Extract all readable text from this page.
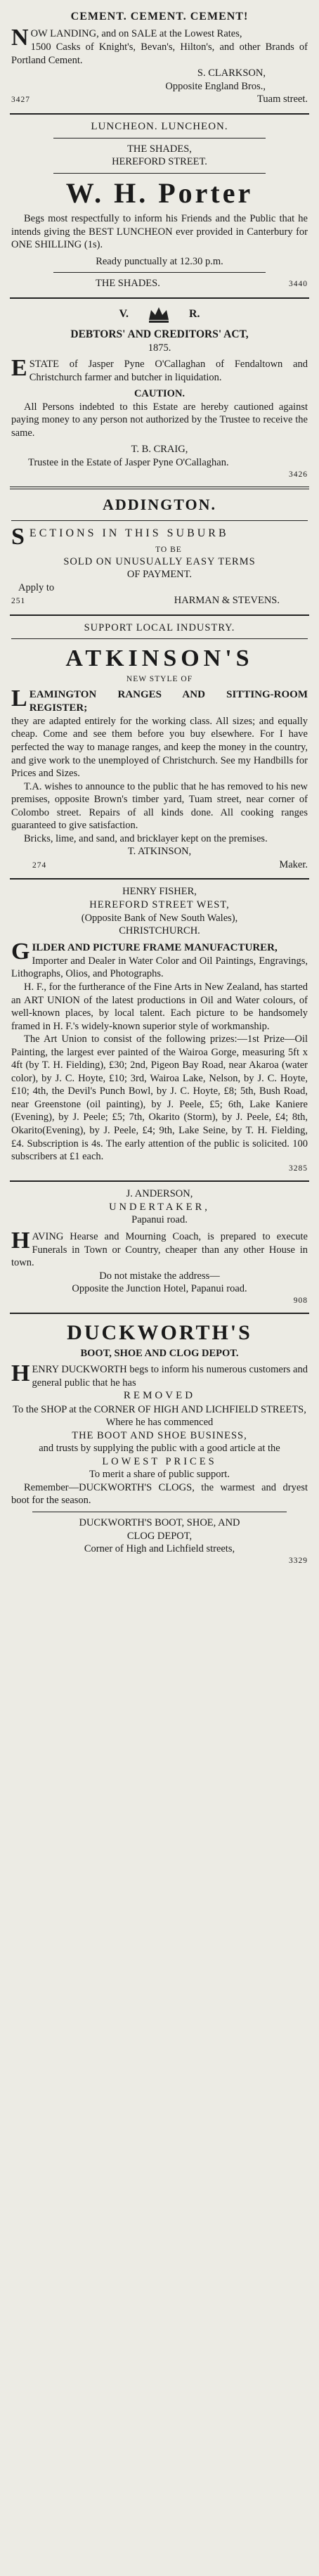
CEMENT. CEMENT. CEMENT!

NOW LANDING, and on SALE at the Lowest Rates,

1500 Casks of Knight's, Bevan's, Hilton's, and other Brands of Portland Cement.

S. CLARKSON,
Opposite England Bros.,
3427	Tuam street.
LUNCHEON. LUNCHEON.
THE SHADES,
HEREFORD STREET.
W. H. Porter

Begs most respectfully to inform his Friends and the Public that he intends giving the BEST LUNCHEON ever provided in Canterbury for ONE SHILLING (1s).

Ready punctually at 12.30 p.m.
THE SHADES.	3440
V.	R.
DEBTORS' AND CREDITORS' ACT,
1875.

ESTATE of Jasper Pyne O'Callaghan of Fendaltown and Christchurch farmer and butcher in liquidation.

CAUTION.

All Persons indebted to this Estate are hereby cautioned against paying money to any person not authorized by the Trustee to receive the same.

T. B. CRAIG,
Trustee in the Estate of Jasper Pyne O'Callaghan.
3426
ADDINGTON.
SECTIONS IN THIS SUBURB
TO BE
SOLD ON UNUSUALLY EASY TERMS
OF PAYMENT.
Apply to
251	HARMAN & STEVENS.
SUPPORT LOCAL INDUSTRY.
ATKINSON'S
NEW STYLE OF

LEAMINGTON RANGES AND SITTING-ROOM REGISTER;

they are adapted entirely for the working class. All sizes; and equally cheap. Come and see them before you buy elsewhere. For I have perfected the way to manage ranges, and keep the money in the country, and give work to the unemployed of Christchurch. See my Handbills for Prices and Sizes.

T.A. wishes to announce to the public that he has removed to his new premises, opposite Brown's timber yard, Tuam street, near corner of Colombo street. Repairs of all kinds done. All cooking ranges guaranteed to give satisfaction.

Bricks, lime, and sand, and bricklayer kept on the premises.

T. ATKINSON,
274	Maker.
HENRY FISHER,
HEREFORD STREET WEST,
(Opposite Bank of New South Wales),
CHRISTCHURCH.

GILDER AND PICTURE FRAME MANUFACTURER,

Importer and Dealer in Water Color and Oil Paintings, Engravings, Lithographs, Olios, and Photographs.

H. F., for the furtherance of the Fine Arts in New Zealand, has started an ART UNION of the latest productions in Oil and Water colours, of well-known places, by local talent. Each picture to be handsomely framed in H. F.'s widely-known superior style of workmanship.

The Art Union to consist of the following prizes:—1st Prize—Oil Painting, the largest ever painted of the Wairoa Gorge, measuring 5ft x 4ft (by T. H. Fielding), £30; 2nd, Pigeon Bay Road, near Akaroa (water color), by J. C. Hoyte, £10; 3rd, Wairoa Lake, Nelson, by J. C. Hoyte, £10; 4th, the Devil's Punch Bowl, by J. C. Hoyte, £8; 5th, Bush Road, near Greenstone (oil painting), by J. Peele, £5; 6th, Lake Kaniere (Evening), by J. Peele; £5; 7th, Okarito (Storm), by J. Peele, £4; 8th, Okarito(Evening), by J. Peele, £4; 9th, Lake Seine, by T. H. Fielding, £4. Subscription is 4s. The early attention of the public is solicited. 100 subscribers at £1 each.

3285
J. ANDERSON,
UNDERTAKER,
Papanui road.

HAVING Hearse and Mourning Coach, is prepared to execute Funerals in Town or Country, cheaper than any other House in town.

Do not mistake the address—
Opposite the Junction Hotel, Papanui road.
908
DUCKWORTH'S
BOOT, SHOE AND CLOG DEPOT.

HENRY DUCKWORTH begs to inform his numerous customers and general public that he has

REMOVED
To the SHOP at the CORNER OF HIGH AND LICHFIELD STREETS,
Where he has commenced
THE BOOT AND SHOE BUSINESS,
and trusts by supplying the public with a good article at the
LOWEST PRICES
To merit a share of public support.

Remember—DUCKWORTH'S CLOGS, the warmest and dryest boot for the season.

DUCKWORTH'S BOOT, SHOE, AND
CLOG DEPOT,
Corner of High and Lichfield streets,
3329
